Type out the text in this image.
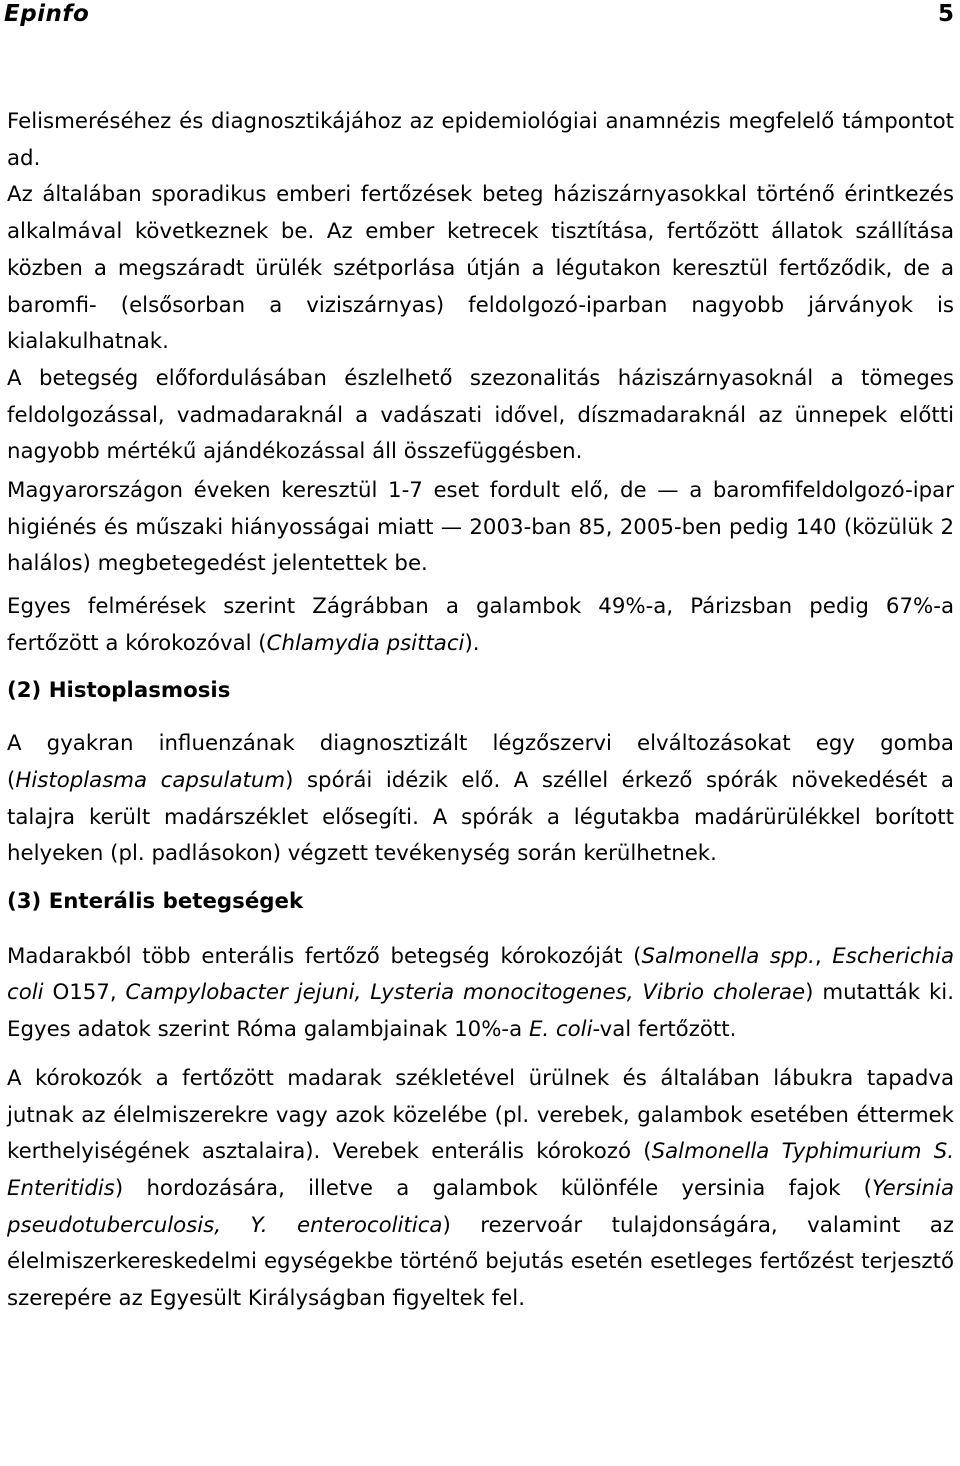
Epinfo	5

Felismeréséhez és diagnosztikájához az epidemiológiai anamnézis megfelelő támpontot ad.

Az általában sporadikus emberi fertőzések beteg háziszárnyasokkal történő érintkezés alkalmával következnek be. Az ember ketrecek tisztítása, fertőzött állatok szállítása közben a megszáradt ürülék szétporlása útján a légutakon keresztül fertőződik, de a baromfi- (elsősorban a viziszárnyas) feldolgozó-iparban nagyobb járványok is kialakulhatnak.

A betegség előfordulásában észlelhető szezonalitás háziszárnyasoknál a tömeges feldolgozással, vadmadaraknál a vadászati idővel, díszmadaraknál az ünnepek előtti nagyobb mértékű ajándékozással áll összefüggésben.

Magyarországon éveken keresztül 1-7 eset fordult elő, de — a baromfifeldolgozó-ipar higiénés és műszaki hiányosságai miatt — 2003-ban 85, 2005-ben pedig 140 (közülük 2 halálos) megbetegedést jelentettek be.

Egyes felmérések szerint Zágrábban a galambok 49%-a, Párizsban pedig 67%-a fertőzött a kórokozóval (Chlamydia psittaci).

(2) Histoplasmosis

A gyakran influenzának diagnosztizált légzőszervi elváltozásokat egy gomba (Histoplasma capsulatum) spórái idézik elő. A széllel érkező spórák növekedését a talajra került madárszéklet elősegíti. A spórák a légutakba madárürülékkel borított helyeken (pl. padlásokon) végzett tevékenység során kerülhetnek.

(3) Enterális betegségek

Madarakból több enterális fertőző betegség kórokozóját (Salmonella spp., Escherichia coli O157, Campylobacter jejuni, Lysteria monocitogenes, Vibrio cholerae) mutatták ki. Egyes adatok szerint Róma galambjainak 10%-a E. coli-val fertőzött.

A kórokozók a fertőzött madarak székletével ürülnek és általában lábukra tapadva jutnak az élelmiszerekre vagy azok közelébe (pl. verebek, galambok esetében éttermek kerthelyiségének asztalaira). Verebek enterális kórokozó (Salmonella Typhimurium S. Enteritidis) hordozására, illetve a galambok különféle yersinia fajok (Yersinia pseudotuberculosis, Y. enterocolitica) rezervoár tulajdonságára, valamint az élelmiszerkereskedelmi egységekbe történő bejutás esetén esetleges fertőzést terjesztő szerepére az Egyesült Királyságban figyeltek fel.
